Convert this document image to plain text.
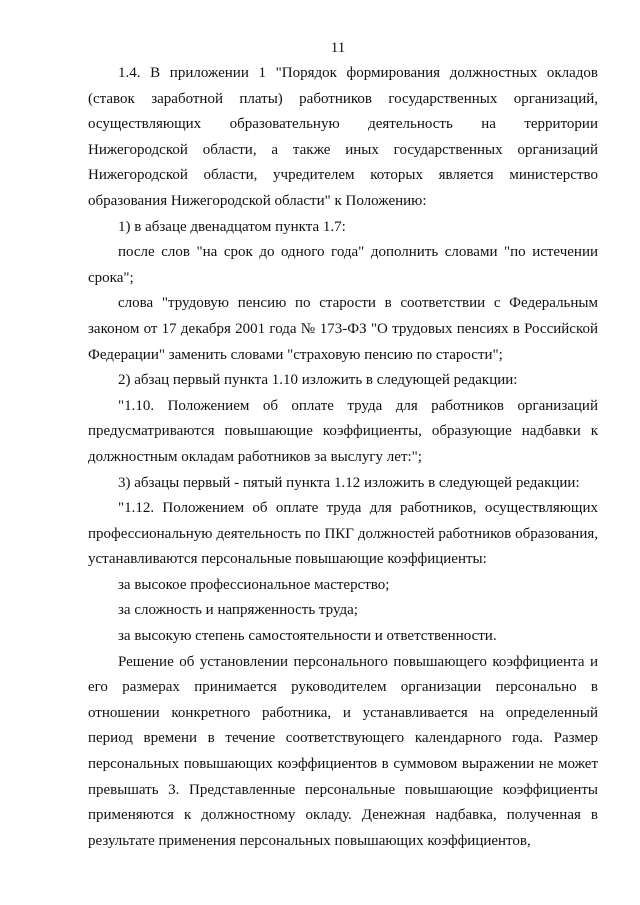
11

1.4. В приложении 1 "Порядок формирования должностных окладов (ставок заработной платы) работников государственных организаций, осуществляющих образовательную деятельность на территории Нижегородской области, а также иных государственных организаций Нижегородской области, учредителем которых является министерство образования Нижегородской области" к Положению:

1) в абзаце двенадцатом пункта 1.7:

после слов "на срок до одного года" дополнить словами "по истечении срока";

слова "трудовую пенсию по старости в соответствии с Федеральным законом от 17 декабря 2001 года № 173-ФЗ "О трудовых пенсиях в Российской Федерации" заменить словами "страховую пенсию по старости";

2) абзац первый пункта 1.10 изложить в следующей редакции:

"1.10. Положением об оплате труда для работников организаций предусматриваются повышающие коэффициенты, образующие надбавки к должностным окладам работников за выслугу лет:";

3) абзацы первый - пятый пункта 1.12 изложить в следующей редакции:

"1.12. Положением об оплате труда для работников, осуществляющих профессиональную деятельность по ПКГ должностей работников образования, устанавливаются персональные повышающие коэффициенты:

за высокое профессиональное мастерство;

за сложность и напряженность труда;

за высокую степень самостоятельности и ответственности.

Решение об установлении персонального повышающего коэффициента и его размерах принимается руководителем организации персонально в отношении конкретного работника, и устанавливается на определенный период времени в течение соответствующего календарного года. Размер персональных повышающих коэффициентов в суммовом выражении не может превышать 3. Представленные персональные повышающие коэффициенты применяются к должностному окладу. Денежная надбавка, полученная в результате применения персональных повышающих коэффициентов,
